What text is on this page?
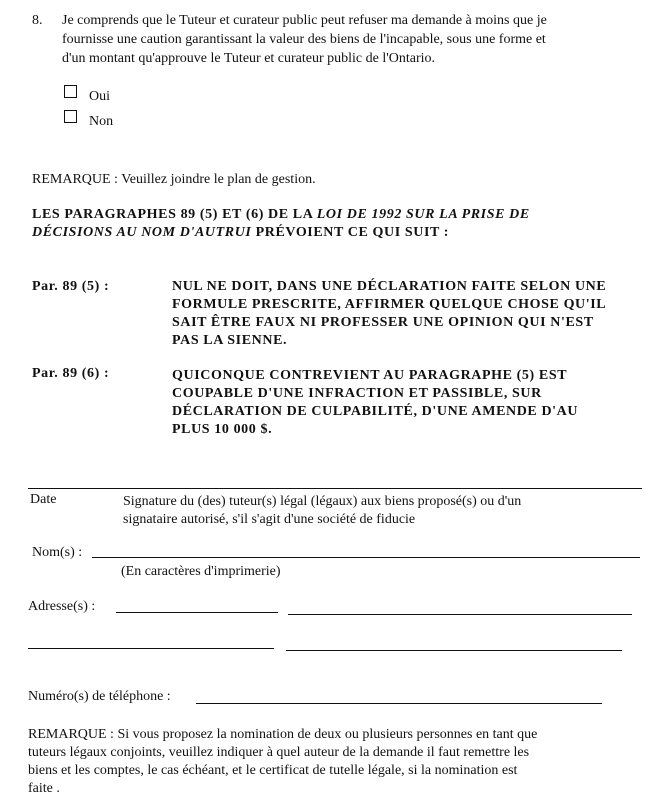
8. Je comprends que le Tuteur et curateur public peut refuser ma demande à moins que je
fournisse une caution garantissant la valeur des biens de l'incapable, sous une forme et
d'un montant qu'approuve le Tuteur et curateur public de l'Ontario.
Oui
Non
REMARQUE : Veuillez joindre le plan de gestion.
LES PARAGRAPHES 89 (5) ET (6) DE LA LOI DE 1992 SUR LA PRISE DE
DÉCISIONS AU NOM D'AUTRUI PRÉVOIENT CE QUI SUIT :
Par. 89 (5) :	NUL NE DOIT, DANS UNE DÉCLARATION FAITE SELON UNE
FORMULE PRESCRITE, AFFIRMER QUELQUE CHOSE QU'IL
SAIT ÊTRE FAUX NI PROFESSER UNE OPINION QUI N'EST
PAS LA SIENNE.
Par. 89 (6) :	QUICONQUE CONTREVIENT AU PARAGRAPHE (5) EST
COUPABLE D'UNE INFRACTION ET PASSIBLE, SUR
DÉCLARATION DE CULPABILITÉ, D'UNE AMENDE D'AU
PLUS 10 000 $.
Date	Signature du (des) tuteur(s) légal (légaux) aux biens proposé(s) ou d'un
signataire autorisé, s'il s'agit d'une société de fiducie
Nom(s) :
(En caractères d'imprimerie)
Adresse(s) :
Numéro(s) de téléphone :
REMARQUE : Si vous proposez la nomination de deux ou plusieurs personnes en tant que
tuteurs légaux conjoints, veuillez indiquer à quel auteur de la demande il faut remettre les
biens et les comptes, le cas échéant, et le certificat de tutelle légale, si la nomination est
faite .
